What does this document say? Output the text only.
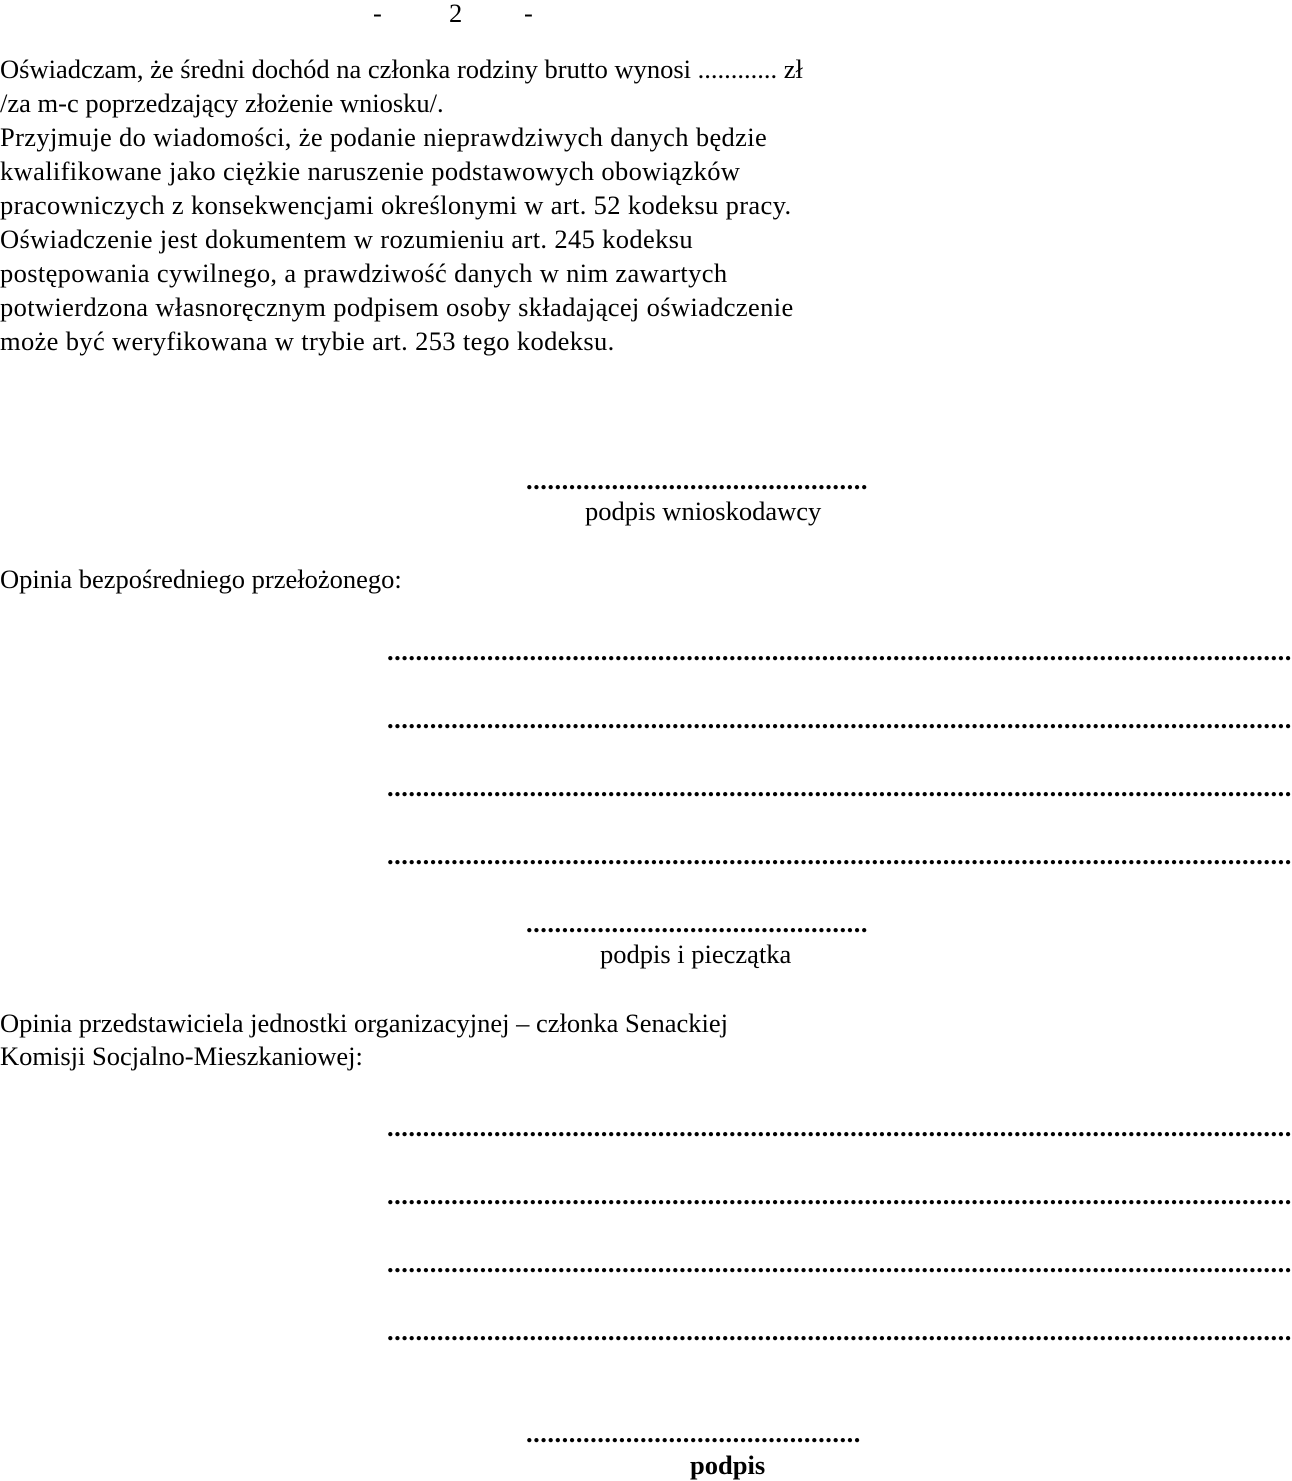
-	2 -
Oświadczam, że średni dochód na członka rodziny brutto wynosi ............ zł
/za m-c poprzedzający złożenie wniosku/.
Przyjmuje do wiadomości, że podanie nieprawdziwych danych będzie
kwalifikowane jako ciężkie naruszenie podstawowych obowiązków
pracowniczych z konsekwencjami określonymi w art. 52 kodeksu pracy.
Oświadczenie jest dokumentem w rozumieniu art. 245 kodeksu
postępowania cywilnego, a prawdziwość danych w nim zawartych
potwierdzona własnoręcznym podpisem osoby składającej oświadczenie
może być weryfikowana w trybie art. 253 tego kodeksu.
................................................
podpis wnioskodawcy
Opinia bezpośredniego przełożonego:
...............................................................................................................................
...............................................................................................................................
...............................................................................................................................
...............................................................................................................................
................................................
podpis i pieczątka
Opinia przedstawiciela jednostki organizacyjnej – członka Senackiej
Komisji Socjalno-Mieszkaniowej:
...............................................................................................................................
...............................................................................................................................
...............................................................................................................................
...............................................................................................................................
...............................................
podpis
